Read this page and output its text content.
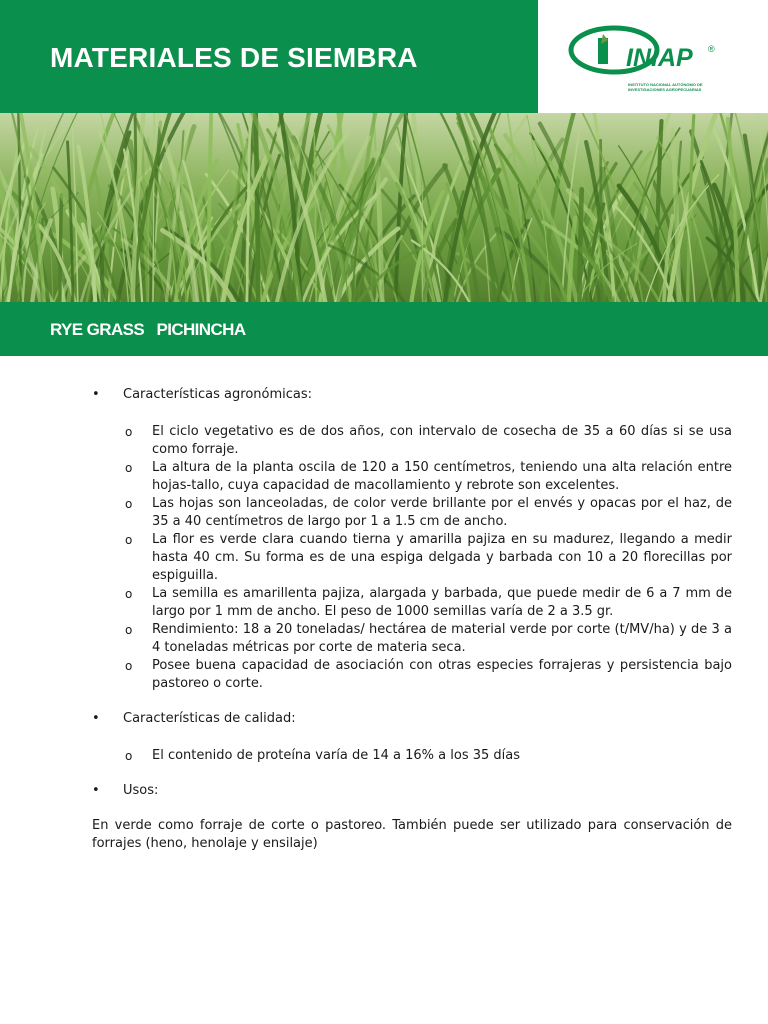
MATERIALES DE SIEMBRA	INIAP ®
INSTITUTO NACIONAL AUTÓNOMO DE INVESTIGACIONES AGROPECUARIAS
RYE GRASS   PICHINCHA

• Características agronómicas:

o El ciclo vegetativo es de dos años, con intervalo de cosecha de 35 a 60 días si se usa como forraje.

o La altura de la planta oscila de 120 a 150 centímetros, teniendo una alta relación entre hojas-tallo, cuya capacidad de macollamiento y rebrote son excelentes.

o Las hojas son lanceoladas, de color verde brillante por el envés y opacas por el haz, de 35 a 40 centímetros de largo por 1 a 1.5 cm de ancho.

o La flor es verde clara cuando tierna y amarilla pajiza en su madurez, llegando a medir hasta 40 cm. Su forma es de una espiga delgada y barbada con 10 a 20 florecillas por espiguilla.

o La semilla es amarillenta pajiza, alargada y barbada, que puede medir de 6 a 7 mm de largo por 1 mm de ancho. El peso de 1000 semillas varía de 2 a 3.5 gr.

o Rendimiento: 18 a 20 toneladas/ hectárea de material verde por corte (t/MV/ha) y de 3 a 4 toneladas métricas por corte de materia seca.

o Posee buena capacidad de asociación con otras especies forrajeras y persistencia bajo pastoreo o corte.

• Características de calidad:

o El contenido de proteína varía de 14 a 16% a los 35 días

• Usos:

En verde como forraje de corte o pastoreo. También puede ser utilizado para conservación de forrajes (heno, henolaje y ensilaje)
